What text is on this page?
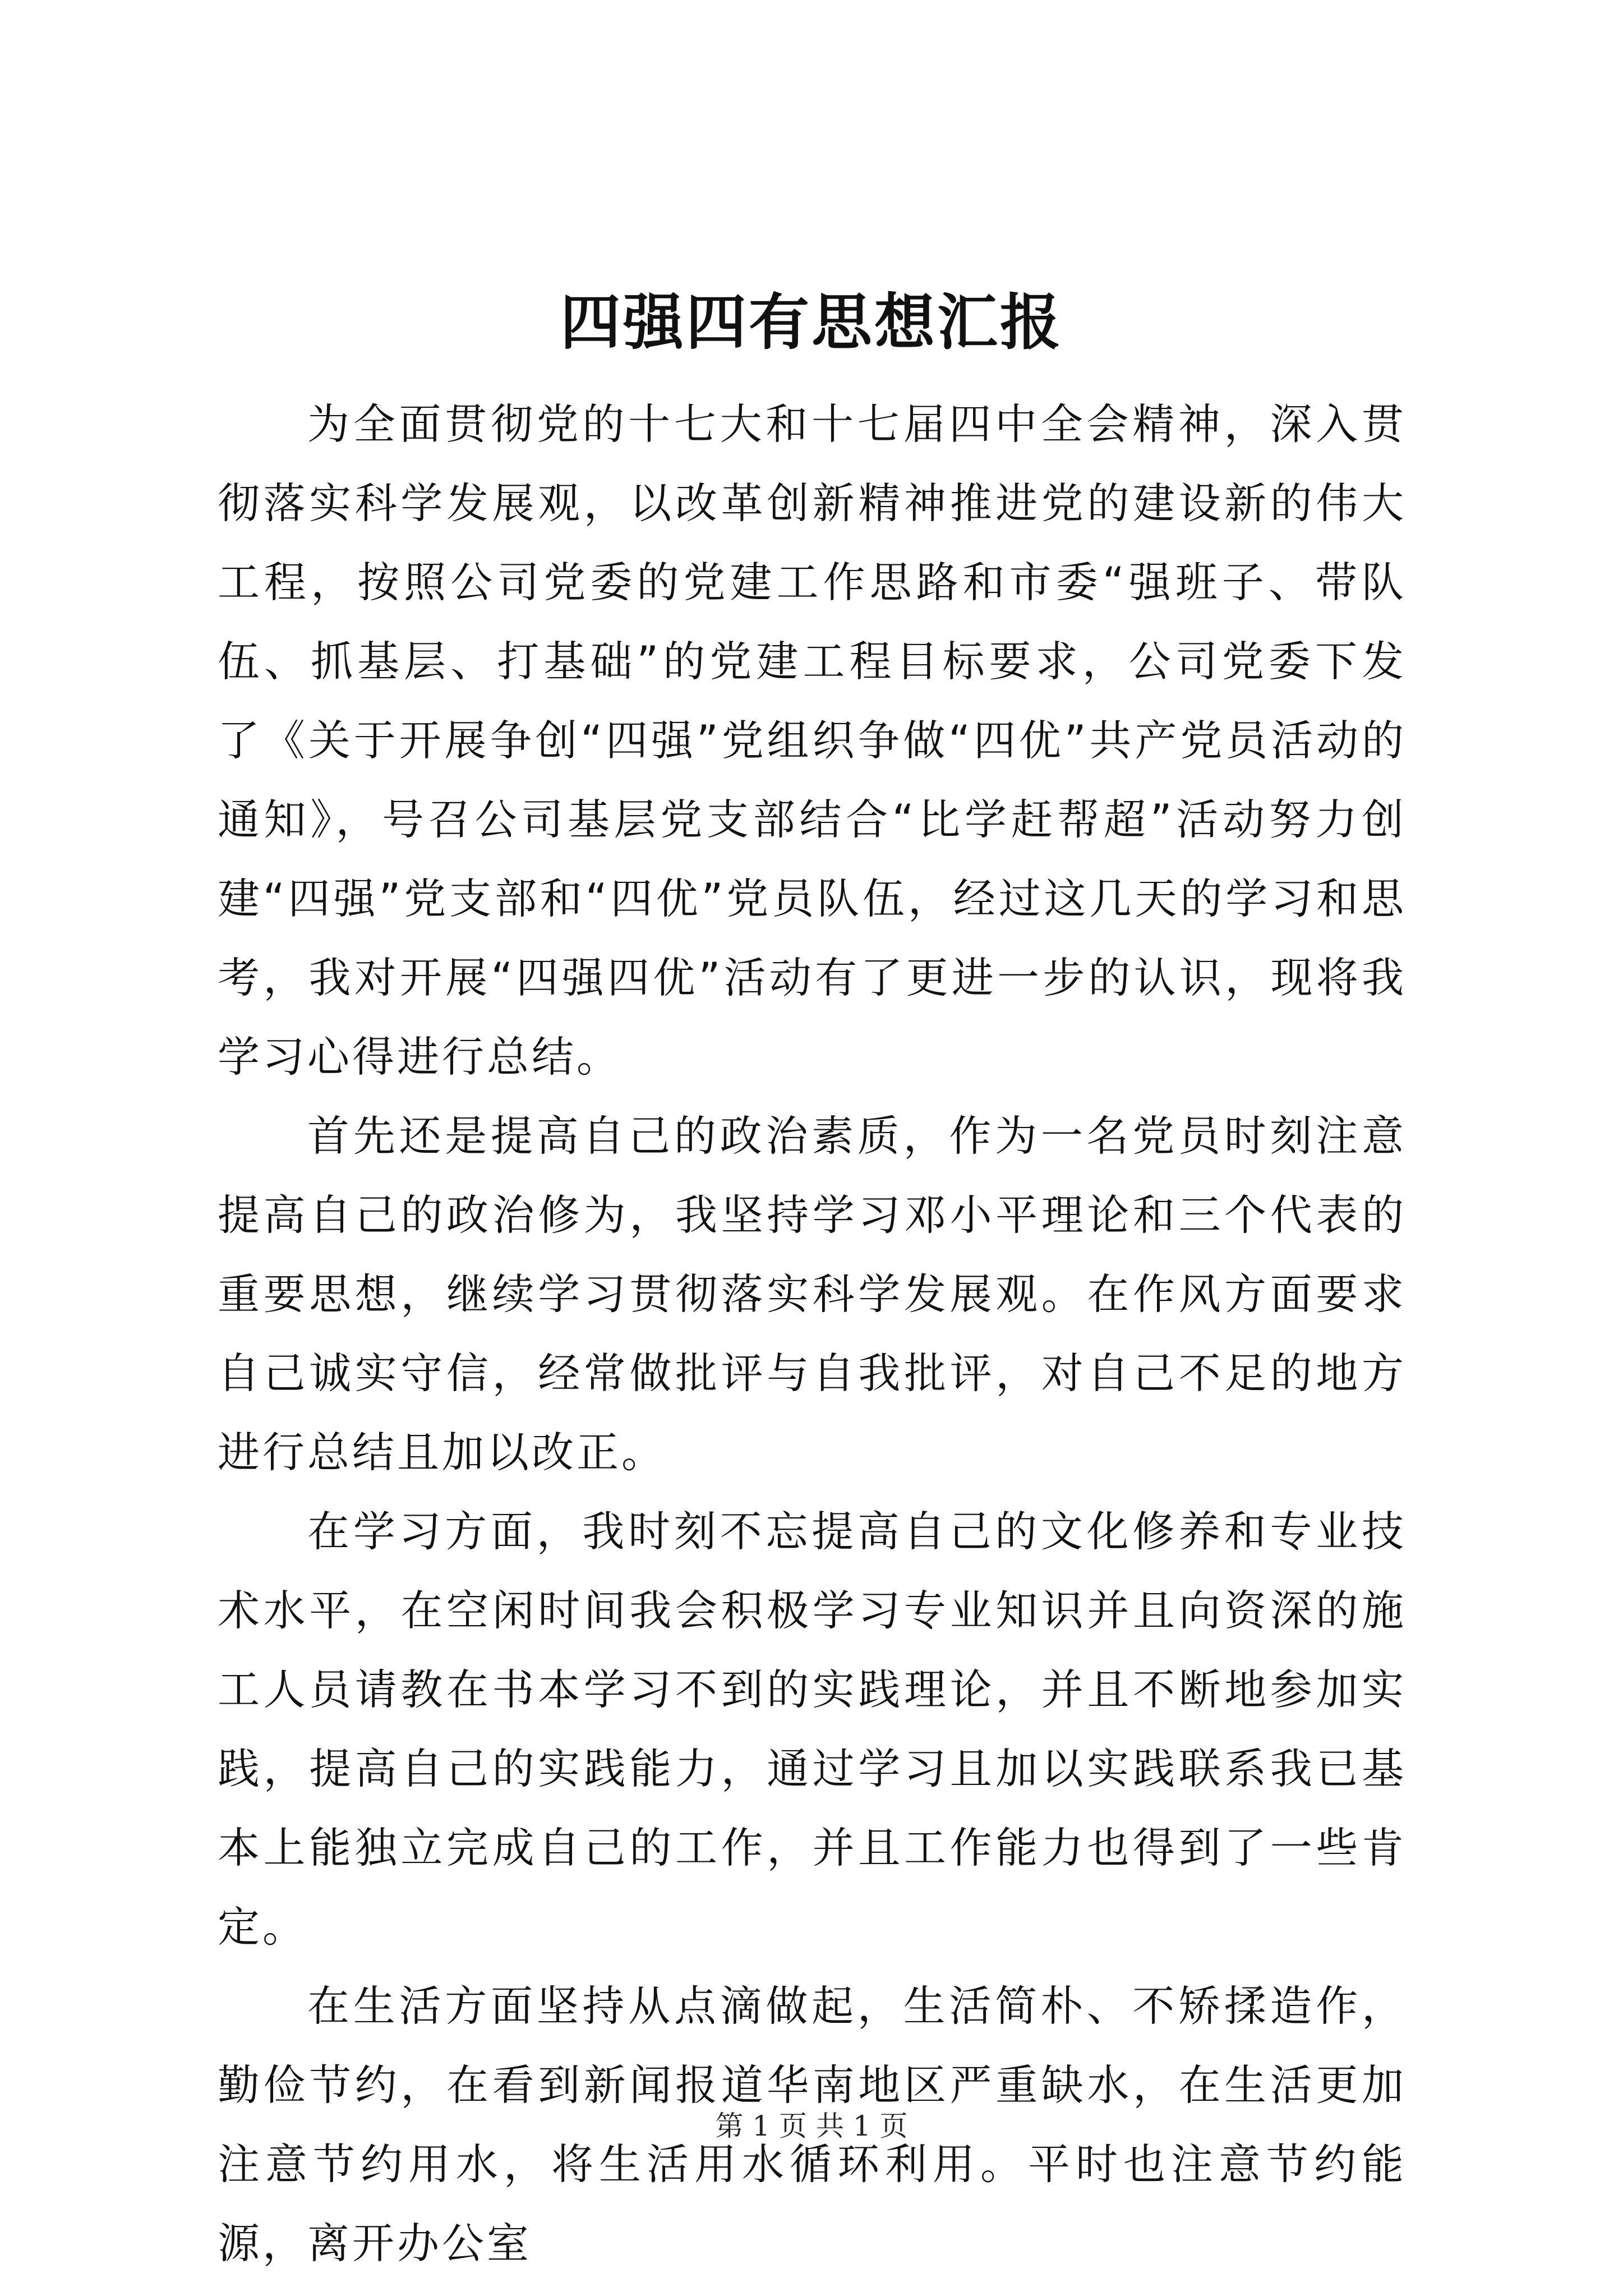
四强四有思想汇报

为全面贯彻党的十七大和十七届四中全会精神，深入贯彻落实科学发展观，以改革创新精神推进党的建设新的伟大工程，按照公司党委的党建工作思路和市委“强班子、带队伍、抓基层、打基础”的党建工程目标要求，公司党委下发了《关于开展争创“四强”党组织争做“四优”共产党员活动的通知》，号召公司基层党支部结合“比学赶帮超”活动努力创建“四强”党支部和“四优”党员队伍，经过这几天的学习和思考，我对开展“四强四优”活动有了更进一步的认识，现将我学习心得进行总结。

首先还是提高自己的政治素质，作为一名党员时刻注意提高自己的政治修为，我坚持学习邓小平理论和三个代表的重要思想，继续学习贯彻落实科学发展观。在作风方面要求自己诚实守信，经常做批评与自我批评，对自己不足的地方进行总结且加以改正。

在学习方面，我时刻不忘提高自己的文化修养和专业技术水平，在空闲时间我会积极学习专业知识并且向资深的施工人员请教在书本学习不到的实践理论，并且不断地参加实践，提高自己的实践能力，通过学习且加以实践联系我已基本上能独立完成自己的工作，并且工作能力也得到了一些肯定。

在生活方面坚持从点滴做起，生活简朴、不矫揉造作，勤俭节约，在看到新闻报道华南地区严重缺水，在生活更加注意节约用水，将生活用水循环利用。平时也注意节约能源，离开办公室

第 1 页 共 1 页
